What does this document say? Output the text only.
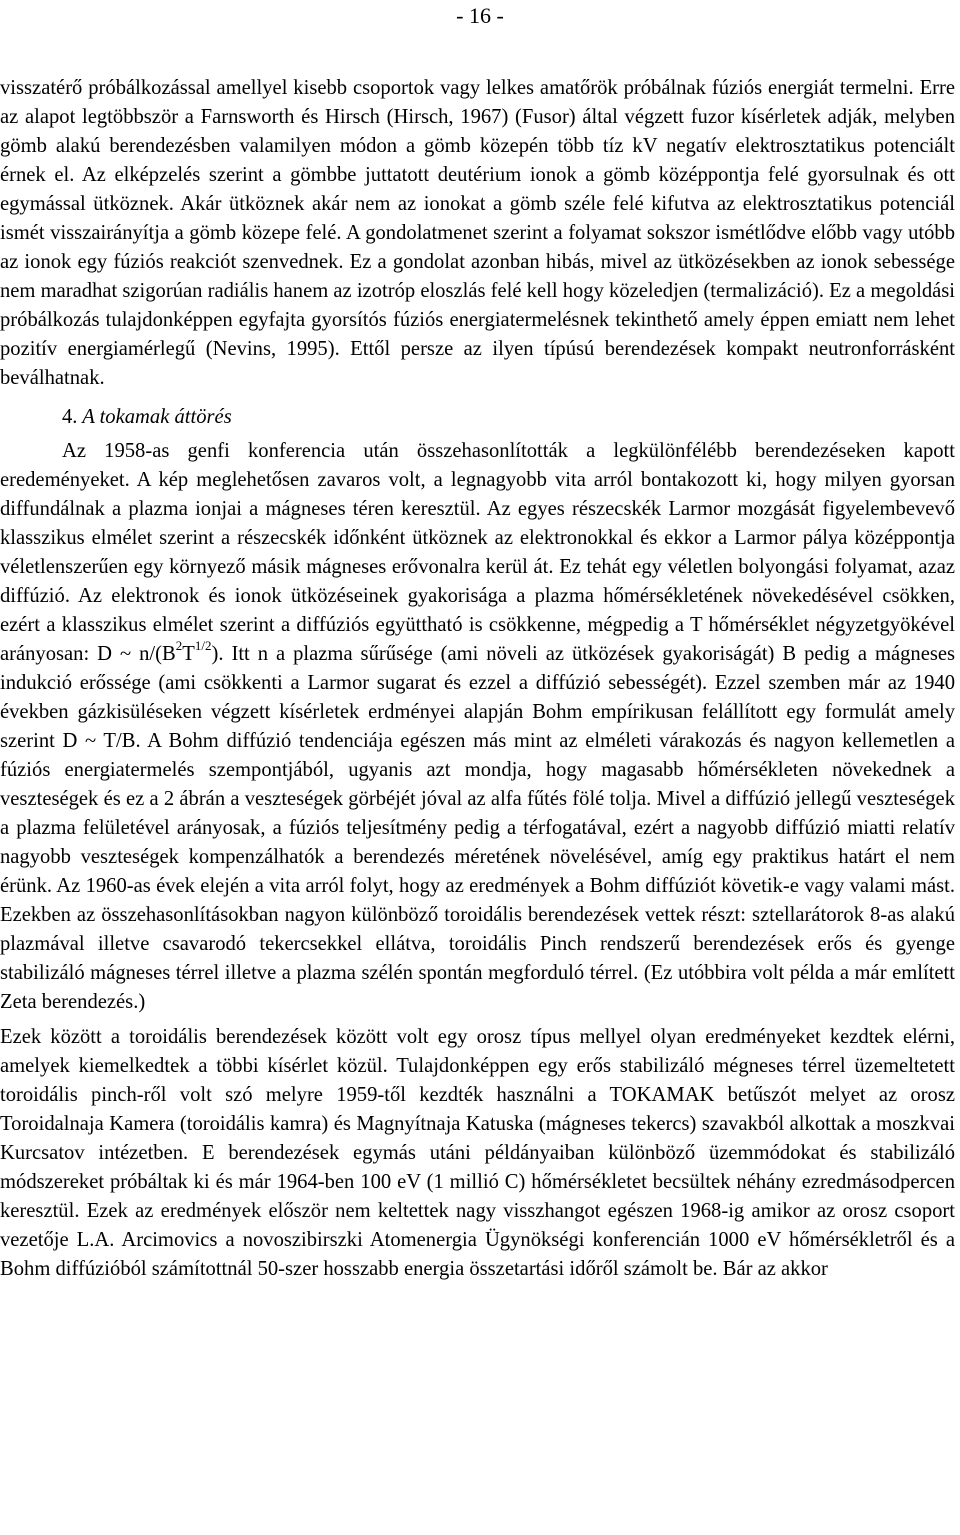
- 16 -

visszatérő próbálkozással amellyel kisebb csoportok vagy lelkes amatőrök próbálnak fúziós energiát termelni. Erre az alapot legtöbbször a Farnsworth és Hirsch (Hirsch, 1967) (Fusor) által végzett fuzor kísérletek adják, melyben gömb alakú berendezésben valamilyen módon a gömb közepén több tíz kV negatív elektrosztatikus potenciált érnek el. Az elképzelés szerint a gömbbe juttatott deutérium ionok a gömb középpontja felé gyorsulnak és ott egymással ütköznek. Akár ütköznek akár nem az ionokat a gömb széle felé kifutva az elektrosztatikus potenciál ismét visszairányítja a gömb közepe felé. A gondolatmenet szerint a folyamat sokszor ismétlődve előbb vagy utóbb az ionok egy fúziós reakciót szenvednek. Ez a gondolat azonban hibás, mivel az ütközésekben az ionok sebessége nem maradhat szigorúan radiális hanem az izotróp eloszlás felé kell hogy közeledjen (termalizáció). Ez a megoldási próbálkozás tulajdonképpen egyfajta gyorsítós fúziós energiatermelésnek tekinthető amely éppen emiatt nem lehet pozitív energiamérlegű (Nevins, 1995). Ettől persze az ilyen típúsú berendezések kompakt neutronforrásként beválhatnak.

4. A tokamak áttörés

Az 1958-as genfi konferencia után összehasonlították a legkülönfélébb berendezéseken kapott eredeményeket. A kép meglehetősen zavaros volt, a legnagyobb vita arról bontakozott ki, hogy milyen gyorsan diffundálnak a plazma ionjai a mágneses téren keresztül. Az egyes részecskék Larmor mozgását figyelembevevő klasszikus elmélet szerint a részecskék időnként ütköznek az elektronokkal és ekkor a Larmor pálya középpontja véletlenszerűen egy környező másik mágneses erővonalra kerül át. Ez tehát egy véletlen bolyongási folyamat, azaz diffúzió. Az elektronok és ionok ütközéseinek gyakorisága a plazma hőmérsékletének növekedésével csökken, ezért a klasszikus elmélet szerint a diffúziós együttható is csökkenne, mégpedig a T hőmérséklet négyzetgyökével arányosan: D ~ $n/(B^2T^{1/2})$. Itt n a plazma sűrűsége (ami növeli az ütközések gyakoriságát) B pedig a mágneses indukció erőssége (ami csökkenti a Larmor sugarat és ezzel a diffúzió sebességét). Ezzel szemben már az 1940 években gázkisüléseken végzett kísérletek erdményei alapján Bohm empírikusan felállított egy formulát amely szerint D ~ T/B. A Bohm diffúzió tendenciája egészen más mint az elméleti várakozás és nagyon kellemetlen a fúziós energiatermelés szempontjából, ugyanis azt mondja, hogy magasabb hőmérsékleten növekednek a veszteségek és ez a 2 ábrán a veszteségek görbéjét jóval az alfa fűtés fölé tolja. Mivel a diffúzió jellegű veszteségek a plazma felületével arányosak, a fúziós teljesítmény pedig a térfogatával, ezért a nagyobb diffúzió miatti relatív nagyobb veszteségek kompenzálhatók a berendezés méretének növelésével, amíg egy praktikus határt el nem érünk. Az 1960-as évek elején a vita arról folyt, hogy az eredmények a Bohm diffúziót követik-e vagy valami mást. Ezekben az összehasonlításokban nagyon különböző toroidális berendezések vettek részt: sztellarátorok 8-as alakú plazmával illetve csavarodó tekercsekkel ellátva, toroidális Pinch rendszerű berendezések erős és gyenge stabilizáló mágneses térrel illetve a plazma szélén spontán megforduló térrel. (Ez utóbbira volt példa a már említett Zeta berendezés.)

Ezek között a toroidális berendezések között volt egy orosz típus mellyel olyan eredményeket kezdtek elérni, amelyek kiemelkedtek a többi kísérlet közül. Tulajdonképpen egy erős stabilizáló mégneses térrel üzemeltetett toroidális pinch-ről volt szó melyre 1959-től kezdték használni a TOKAMAK betűszót melyet az orosz Toroidalnaja Kamera (toroidális kamra) és Magnyítnaja Katuska (mágneses tekercs) szavakból alkottak a moszkvai Kurcsatov intézetben. E berendezések egymás utáni példányaiban különböző üzemmódokat és stabilizáló módszereket próbáltak ki és már 1964-ben 100 eV (1 millió C) hőmérsékletet becsültek néhány ezredmásodpercen keresztül. Ezek az eredmények először nem keltettek nagy visszhangot egészen 1968-ig amikor az orosz csoport vezetője L.A. Arcimovics a novoszibirszki Atomenergia Ügynökségi konferencián 1000 eV hőmérsékletről és a Bohm diffúzióból számítottnál 50-szer hosszabb energia összetartási időről számolt be. Bár az akkor
